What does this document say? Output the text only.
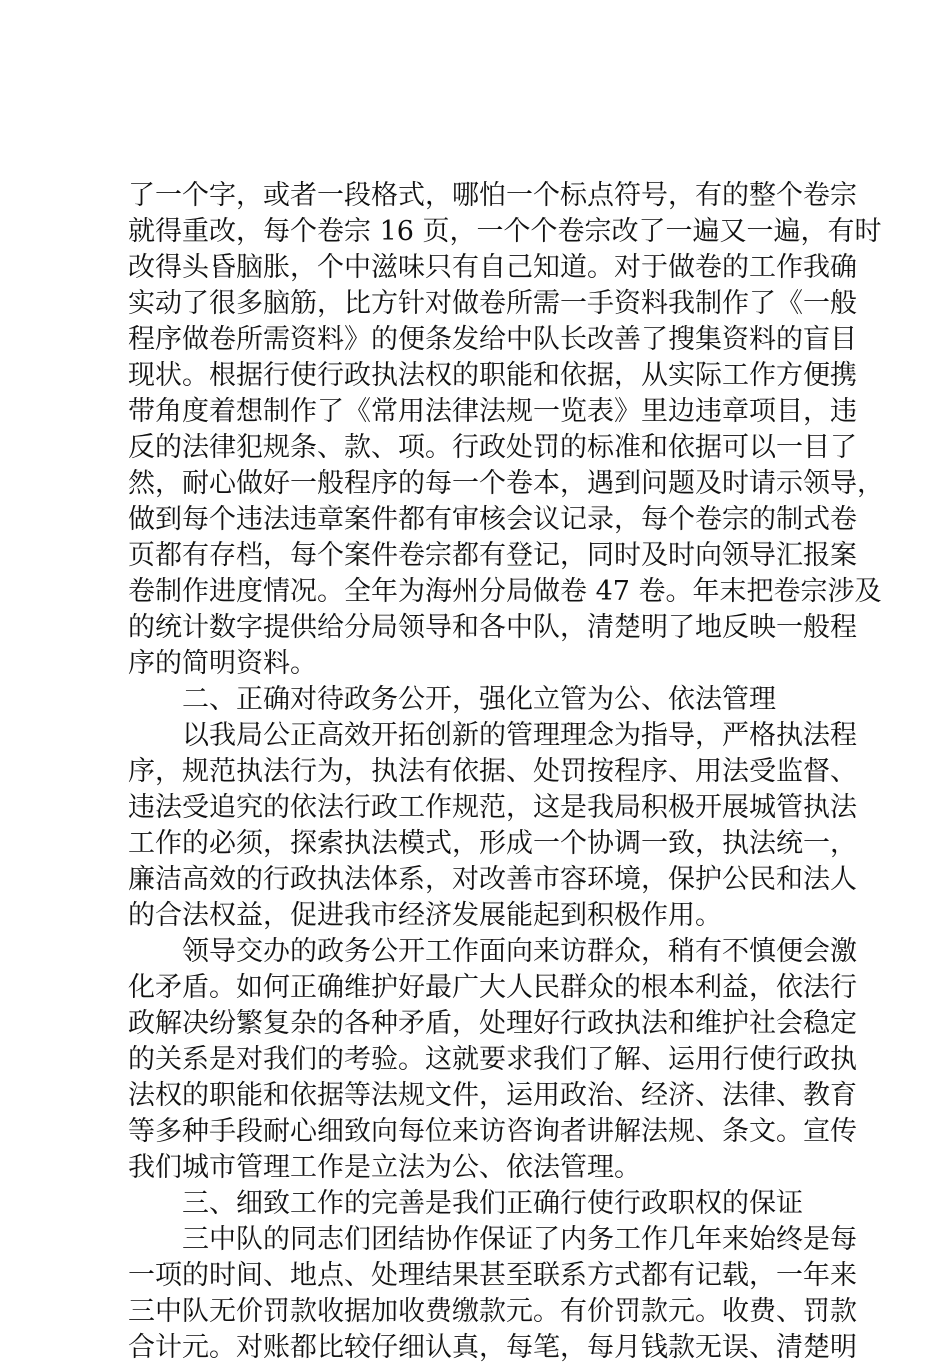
了一个字，或者一段格式，哪怕一个标点符号，有的整个卷宗
就得重改，每个卷宗 16 页，一个个卷宗改了一遍又一遍，有时
改得头昏脑胀，个中滋味只有自己知道。对于做卷的工作我确
实动了很多脑筋，比方针对做卷所需一手资料我制作了《一般
程序做卷所需资料》的便条发给中队长改善了搜集资料的盲目
现状。根据行使行政执法权的职能和依据，从实际工作方便携
带角度着想制作了《常用法律法规一览表》里边违章项目，违
反的法律犯规条、款、项。行政处罚的标准和依据可以一目了
然，耐心做好一般程序的每一个卷本，遇到问题及时请示领导，
做到每个违法违章案件都有审核会议记录，每个卷宗的制式卷
页都有存档，每个案件卷宗都有登记，同时及时向领导汇报案
卷制作进度情况。全年为海州分局做卷 47 卷。年末把卷宗涉及
的统计数字提供给分局领导和各中队，清楚明了地反映一般程
序的简明资料。
二、正确对待政务公开，强化立管为公、依法管理
以我局公正高效开拓创新的管理理念为指导，严格执法程
序，规范执法行为，执法有依据、处罚按程序、用法受监督、
违法受追究的依法行政工作规范，这是我局积极开展城管执法
工作的必须，探索执法模式，形成一个协调一致，执法统一，
廉洁高效的行政执法体系，对改善市容环境，保护公民和法人
的合法权益，促进我市经济发展能起到积极作用。
领导交办的政务公开工作面向来访群众，稍有不慎便会激
化矛盾。如何正确维护好最广大人民群众的根本利益，依法行
政解决纷繁复杂的各种矛盾，处理好行政执法和维护社会稳定
的关系是对我们的考验。这就要求我们了解、运用行使行政执
法权的职能和依据等法规文件，运用政治、经济、法律、教育
等多种手段耐心细致向每位来访咨询者讲解法规、条文。宣传
我们城市管理工作是立法为公、依法管理。
三、细致工作的完善是我们正确行使行政职权的保证
三中队的同志们团结协作保证了内务工作几年来始终是每
一项的时间、地点、处理结果甚至联系方式都有记载，一年来
三中队无价罚款收据加收费缴款元。有价罚款元。收费、罚款
合计元。对账都比较仔细认真，每笔，每月钱款无误、清楚明
